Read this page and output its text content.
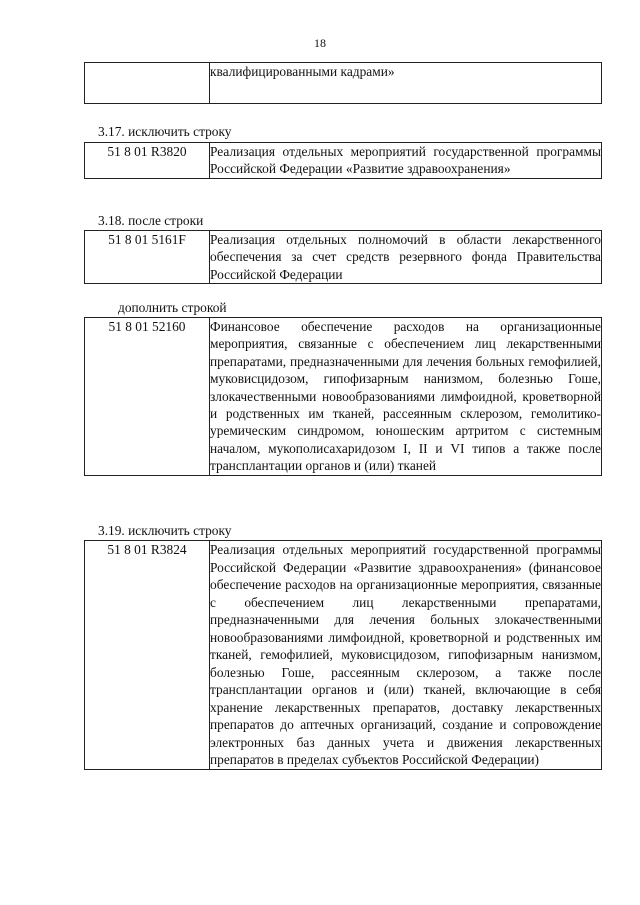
18
	квалифицированными кадрами»
3.17. исключить строку
51 8 01 R3820	Реализация отдельных мероприятий государственной программы Российской Федерации «Развитие здравоохранения»
3.18. после строки
51 8 01 5161F	Реализация отдельных полномочий в области лекарственного обеспечения за счет средств резервного фонда Правительства Российской Федерации
дополнить строкой
51 8 01 52160	Финансовое обеспечение расходов на организационные мероприятия, связанные с обеспечением лиц лекарственными препаратами, предназначенными для лечения больных гемофилией, муковисцидозом, гипофизарным нанизмом, болезнью Гоше, злокачественными новообразованиями лимфоидной, кроветворной и родственных им тканей, рассеянным склерозом, гемолитико-уремическим синдромом, юношеским артритом с системным началом, мукополисахаридозом I, II и VI типов а также после трансплантации органов и (или) тканей
3.19. исключить строку
51 8 01 R3824	Реализация отдельных мероприятий государственной программы Российской Федерации «Развитие здравоохранения» (финансовое обеспечение расходов на организационные мероприятия, связанные с обеспечением лиц лекарственными препаратами, предназначенными для лечения больных злокачественными новообразованиями лимфоидной, кроветворной и родственных им тканей, гемофилией, муковисцидозом, гипофизарным нанизмом, болезнью Гоше, рассеянным склерозом, а также после трансплантации органов и (или) тканей, включающие в себя хранение лекарственных препаратов, доставку лекарственных препаратов до аптечных организаций, создание и сопровождение электронных баз данных учета и движения лекарственных препаратов в пределах субъектов Российской Федерации)
